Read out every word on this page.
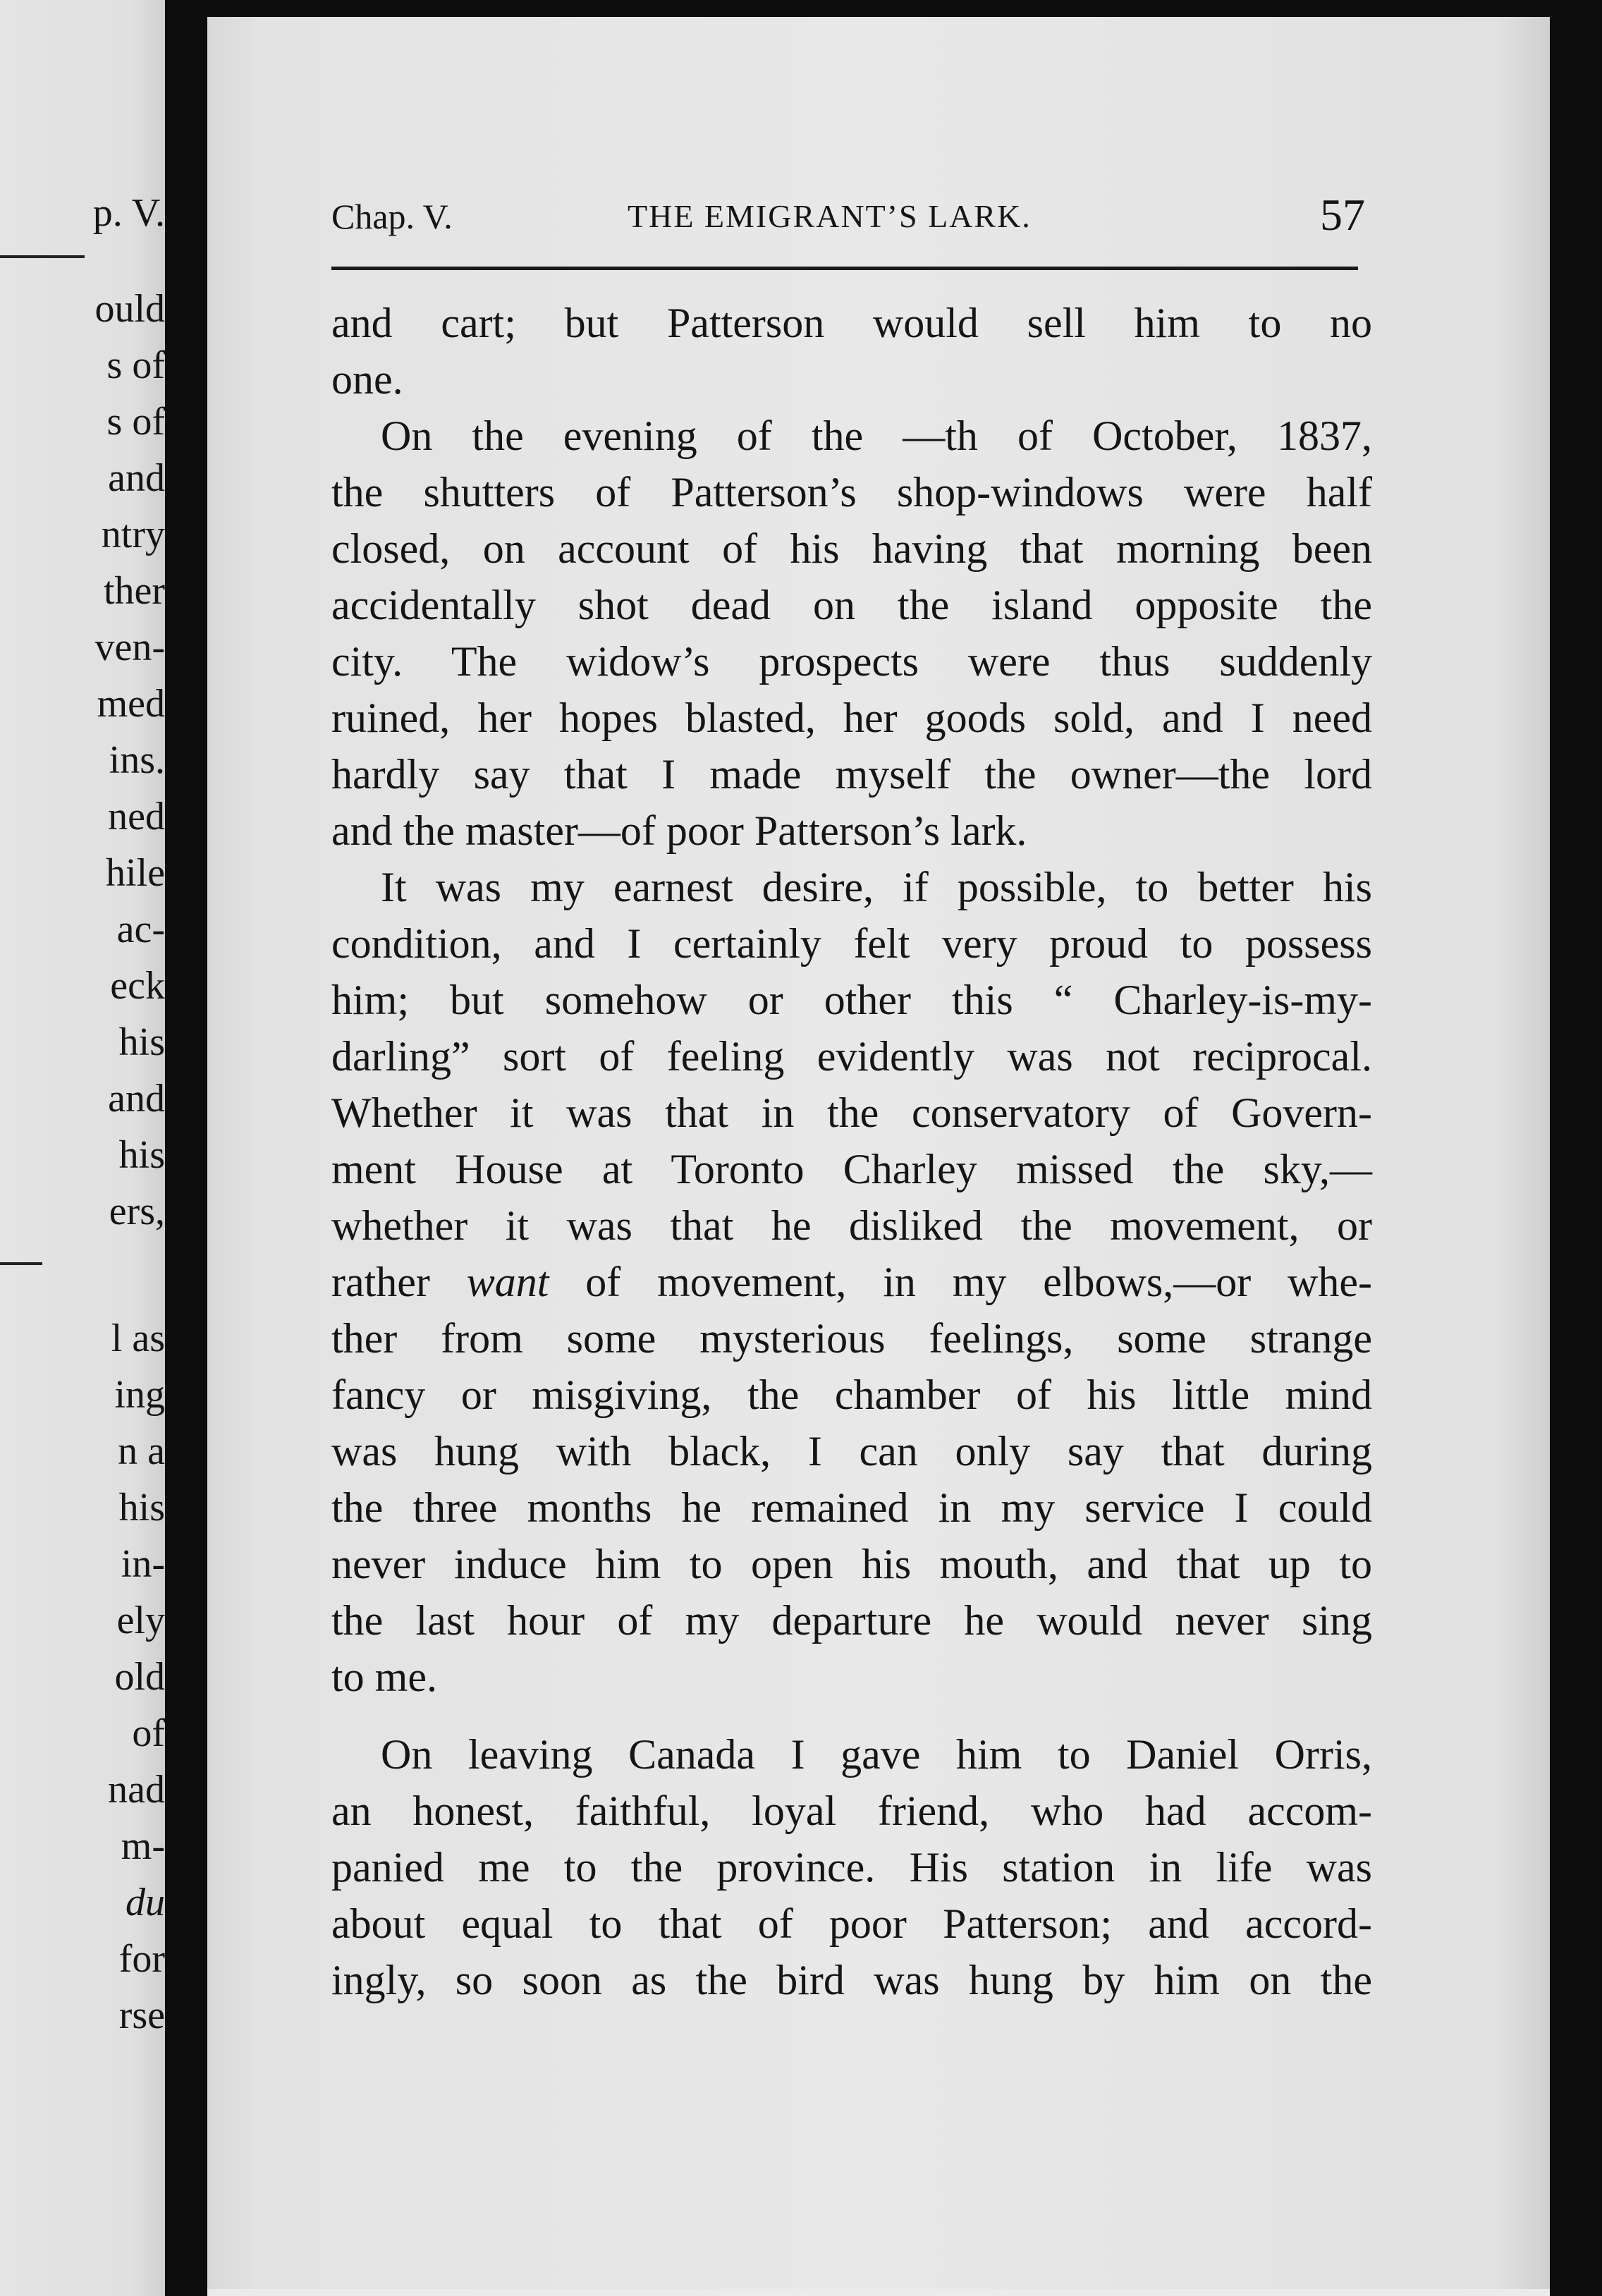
p. V.
ould
s of
s of
and
ntry
ther
ven-
med
ins.
ned
hile
ac-
eck
his
and
his
ers,
l as
ing
n a
his
in-
ely
old
of
nad
m-
du
for
rse
Chap. V.	THE EMIGRANT’S LARK.	57
and cart; but Patterson would sell him to no
one.
On the evening of the —th of October, 1837,
the shutters of Patterson’s shop-windows were half
closed, on account of his having that morning been
accidentally shot dead on the island opposite the
city. The widow’s prospects were thus suddenly
ruined, her hopes blasted, her goods sold, and I need
hardly say that I made myself the owner—the lord
and the master—of poor Patterson’s lark.
It was my earnest desire, if possible, to better his
condition, and I certainly felt very proud to possess
him; but somehow or other this “ Charley-is-my-
darling” sort of feeling evidently was not reciprocal.
Whether it was that in the conservatory of Govern-
ment House at Toronto Charley missed the sky,—
whether it was that he disliked the movement, or
rather want of movement, in my elbows,—or whe-
ther from some mysterious feelings, some strange
fancy or misgiving, the chamber of his little mind
was hung with black, I can only say that during
the three months he remained in my service I could
never induce him to open his mouth, and that up to
the last hour of my departure he would never sing
to me.
On leaving Canada I gave him to Daniel Orris,
an honest, faithful, loyal friend, who had accom-
panied me to the province. His station in life was
about equal to that of poor Patterson; and accord-
ingly, so soon as the bird was hung by him on the
